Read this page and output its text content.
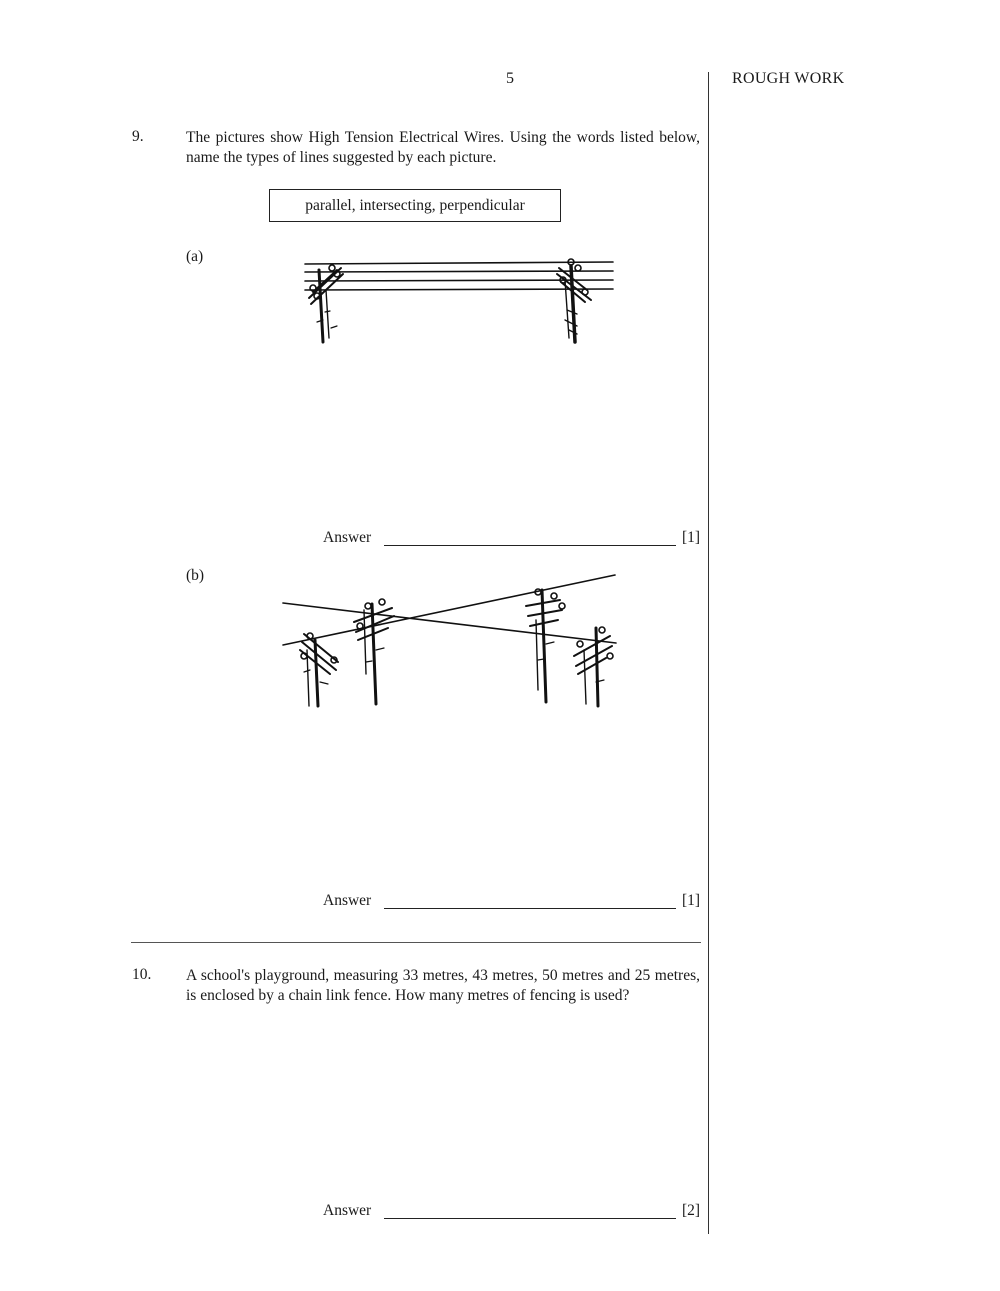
5	ROUGH WORK
9.	The pictures show High Tension Electrical Wires. Using the words listed below, name the types of lines suggested by each picture.
parallel, intersecting, perpendicular
(a)
Answer	[1]
(b)
Answer	[1]
10. A school's playground, measuring 33 metres, 43 metres, 50 metres and 25 metres, is enclosed by a chain link fence. How many metres of fencing is used?
Answer	[2]
